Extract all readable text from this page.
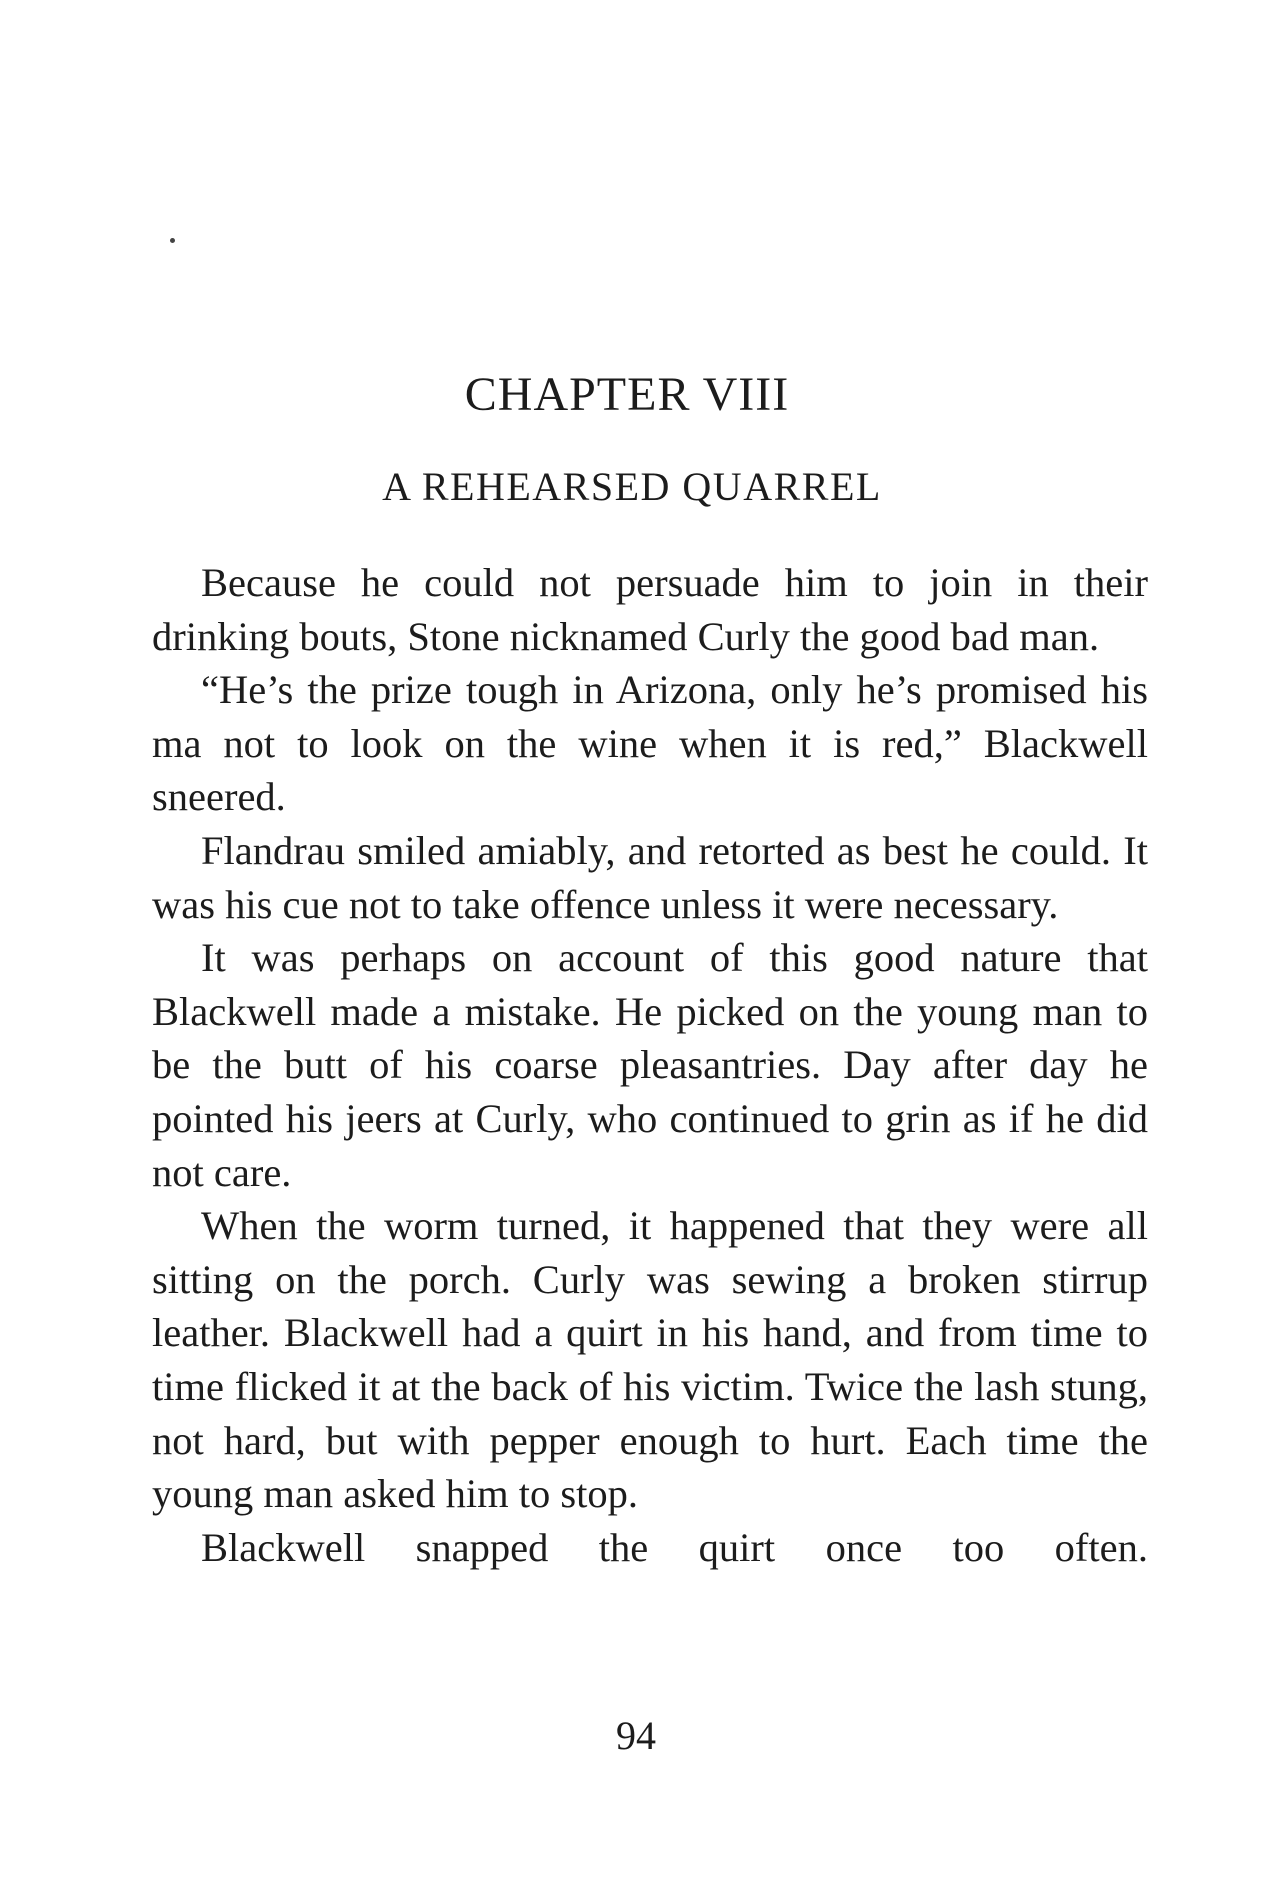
CHAPTER VIII
A REHEARSED QUARREL

Because he could not persuade him to join in their drinking bouts, Stone nicknamed Curly the good bad man.

“He’s the prize tough in Arizona, only he’s promised his ma not to look on the wine when it is red,” Blackwell sneered.

Flandrau smiled amiably, and retorted as best he could. It was his cue not to take offence unless it were necessary.

It was perhaps on account of this good nature that Blackwell made a mistake. He picked on the young man to be the butt of his coarse pleasantries. Day after day he pointed his jeers at Curly, who continued to grin as if he did not care.

When the worm turned, it happened that they were all sitting on the porch. Curly was sewing a broken stirrup leather. Blackwell had a quirt in his hand, and from time to time flicked it at the back of his victim. Twice the lash stung, not hard, but with pepper enough to hurt. Each time the young man asked him to stop.

Blackwell snapped the quirt once too often.

94
